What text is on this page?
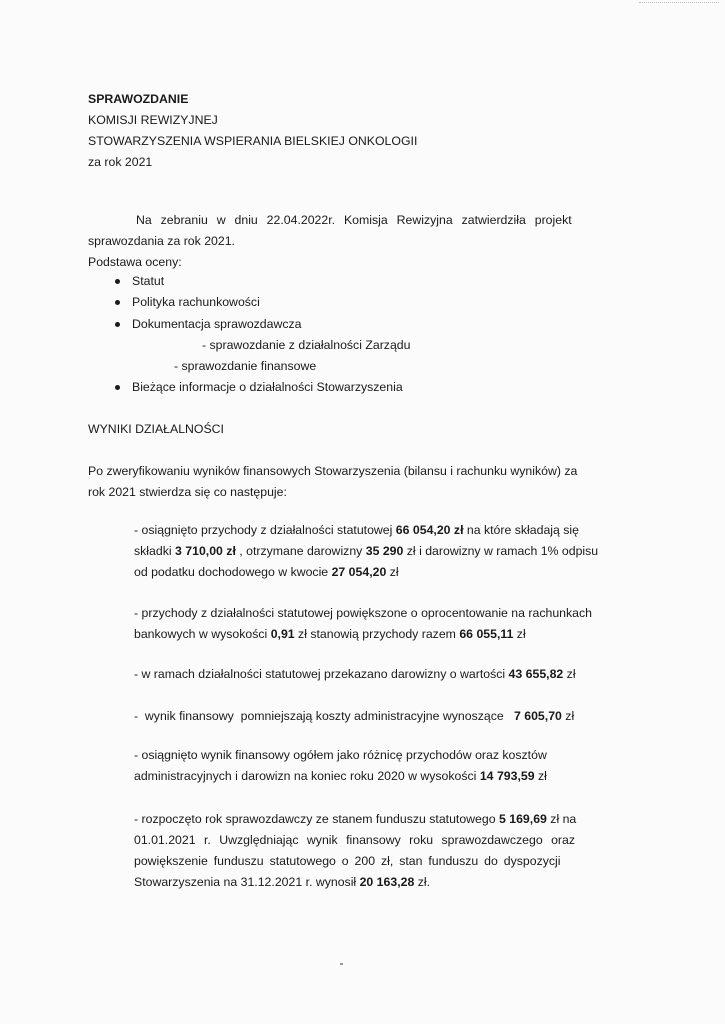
SPRAWOZDANIE
KOMISJI REWIZYJNEJ
STOWARZYSZENIA WSPIERANIA BIELSKIEJ ONKOLOGII
za rok 2021
Na zebraniu w dniu 22.04.2022r. Komisja Rewizyjna zatwierdziła projekt
sprawozdania za rok 2021.
Podstawa oceny:
Statut
Polityka rachunkowości
Dokumentacja sprawozdawcza
- sprawozdanie z działalności Zarządu
- sprawozdanie finansowe
Bieżące informacje o działalności Stowarzyszenia
WYNIKI DZIAŁALNOŚCI
Po zweryfikowaniu wyników finansowych Stowarzyszenia (bilansu i rachunku wyników) za
rok 2021 stwierdza się co następuje:
- osiągnięto przychody z działalności statutowej 66 054,20 zł na które składają się
składki 3 710,00 zł , otrzymane darowizny 35 290 zł i darowizny w ramach 1% odpisu
od podatku dochodowego w kwocie 27 054,20 zł
- przychody z działalności statutowej powiększone o oprocentowanie na rachunkach
bankowych w wysokości 0,91 zł stanowią przychody razem 66 055,11 zł
- w ramach działalności statutowej przekazano darowizny o wartości 43 655,82 zł
-  wynik finansowy  pomniejszają koszty administracyjne wynoszące   7 605,70 zł
- osiągnięto wynik finansowy ogółem jako różnicę przychodów oraz kosztów
administracyjnych i darowizn na koniec roku 2020 w wysokości 14 793,59 zł
- rozpoczęto rok sprawozdawczy ze stanem funduszu statutowego 5 169,69 zł na
01.01.2021 r. Uwzględniając wynik finansowy roku sprawozdawczego oraz
powiększenie funduszu statutowego o 200 zł, stan funduszu do dyspozycji
Stowarzyszenia na 31.12.2021 r. wynosił 20 163,28 zł.
